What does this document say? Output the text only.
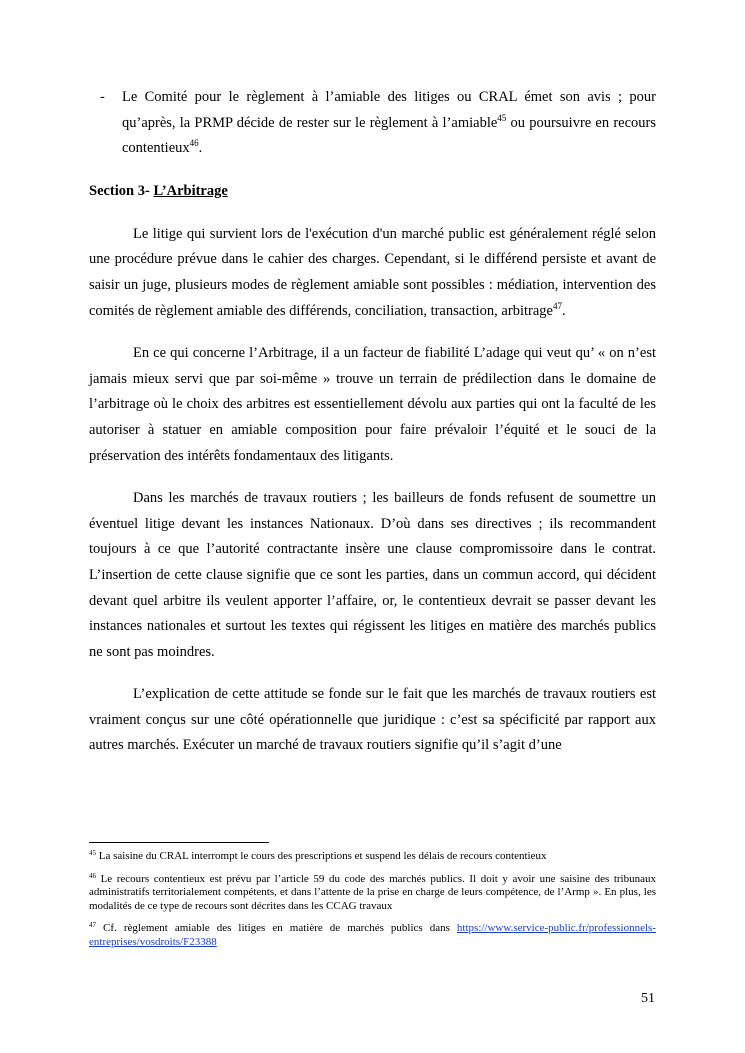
-	Le Comité pour le règlement à l’amiable des litiges ou CRAL émet son avis ; pour qu’après, la PRMP décide de rester sur le règlement à l’amiable$^{45}$ ou poursuivre en recours contentieux$^{46}$.
Section 3- L’Arbitrage

Le litige qui survient lors de l'exécution d'un marché public est généralement réglé selon une procédure prévue dans le cahier des charges. Cependant, si le différend persiste et avant de saisir un juge, plusieurs modes de règlement amiable sont possibles : médiation, intervention des comités de règlement amiable des différends, conciliation, transaction, arbitrage$^{47}$.

En ce qui concerne l’Arbitrage, il a un facteur de fiabilité L’adage qui veut qu’ « on n’est jamais mieux servi que par soi-même » trouve un terrain de prédilection dans le domaine de l’arbitrage où le choix des arbitres est essentiellement dévolu aux parties qui ont la faculté de les autoriser à statuer en amiable composition pour faire prévaloir l’équité et le souci de la préservation des intérêts fondamentaux des litigants.

Dans les marchés de travaux routiers ; les bailleurs de fonds refusent de soumettre un éventuel litige devant les instances Nationaux. D’où dans ses directives ; ils recommandent toujours à ce que l’autorité contractante insère une clause compromissoire dans le contrat. L’insertion de cette clause signifie que ce sont les parties, dans un commun accord, qui décident devant quel arbitre ils veulent apporter l’affaire, or, le contentieux devrait se passer devant les instances nationales et surtout les textes qui régissent les litiges en matière des marchés publics ne sont pas moindres.

L’explication de cette attitude se fonde sur le fait que les marchés de travaux routiers est vraiment conçus sur une côté opérationnelle que juridique : c’est sa spécificité par rapport aux autres marchés. Exécuter un marché de travaux routiers signifie qu’il s’agit d’une

$^{45}$ La saisine du CRAL interrompt le cours des prescriptions et suspend les délais de recours contentieux

$^{46}$ Le recours contentieux est prévu par l’article 59 du code des marchés publics. Il doit y avoir une saisine des tribunaux administratifs territorialement compétents, et dans l’attente de la prise en charge de leurs compétence, de l’Armp ». En plus, les modalités de ce type de recours sont décrites dans les CCAG travaux

$^{47}$ Cf. règlement amiable des litiges en matière de marchés publics dans https://www.service-public.fr/professionnels-entreprises/vosdroits/F23388

51
